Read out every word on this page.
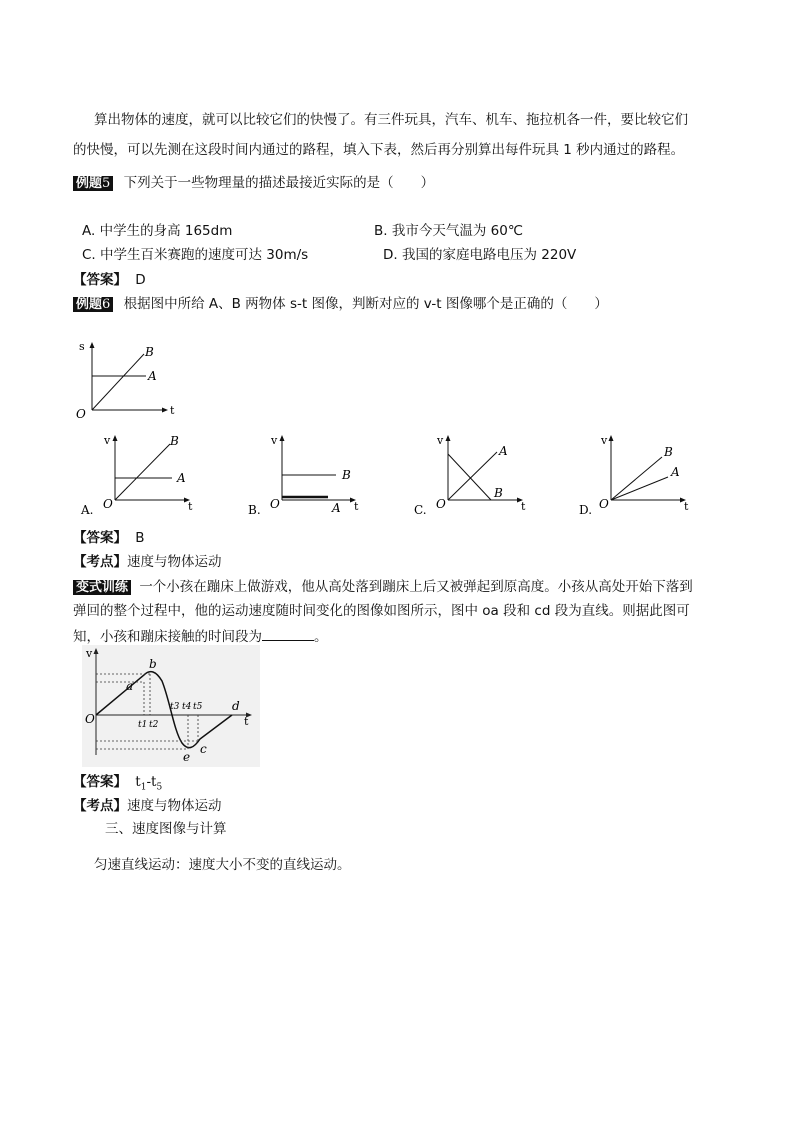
算出物体的速度，就可以比较它们的快慢了。有三件玩具，汽车、机车、拖拉机各一件，要比较它们
的快慢，可以先测在这段时间内通过的路程，填入下表，然后再分别算出每件玩具 1 秒内通过的路程。
例题5 下列关于一些物理量的描述最接近实际的是（　　）
A. 中学生的身高 165dm	B. 我市今天气温为 60℃
C. 中学生百米赛跑的速度可达 30m/s	D. 我国的家庭电路电压为 220V
【答案】 D
例题6 根据图中所给 A、B 两物体 s-t 图像，判断对应的 v-t 图像哪个是正确的（　　）
s
t
O
A
B
v
t
O
A
B
A.
v
t
O
B
A
B.
v
t
O
A
B
C.
v
t
O
B
A
D.
【答案】 B
【考点】速度与物体运动
变式训练 一个小孩在蹦床上做游戏，他从高处落到蹦床上后又被弹起到原高度。小孩从高处开始下落到
弹回的整个过程中，他的运动速度随时间变化的图像如图所示，图中 oa 段和 cd 段为直线。则据此图可
知，小孩和蹦床接触的时间段为	。
v
t
O
a
b
c
d
e
t1 t2
t3 t4 t5
【答案】 $t_1-t_5$
【考点】速度与物体运动
三、速度图像与计算
匀速直线运动：速度大小不变的直线运动。
